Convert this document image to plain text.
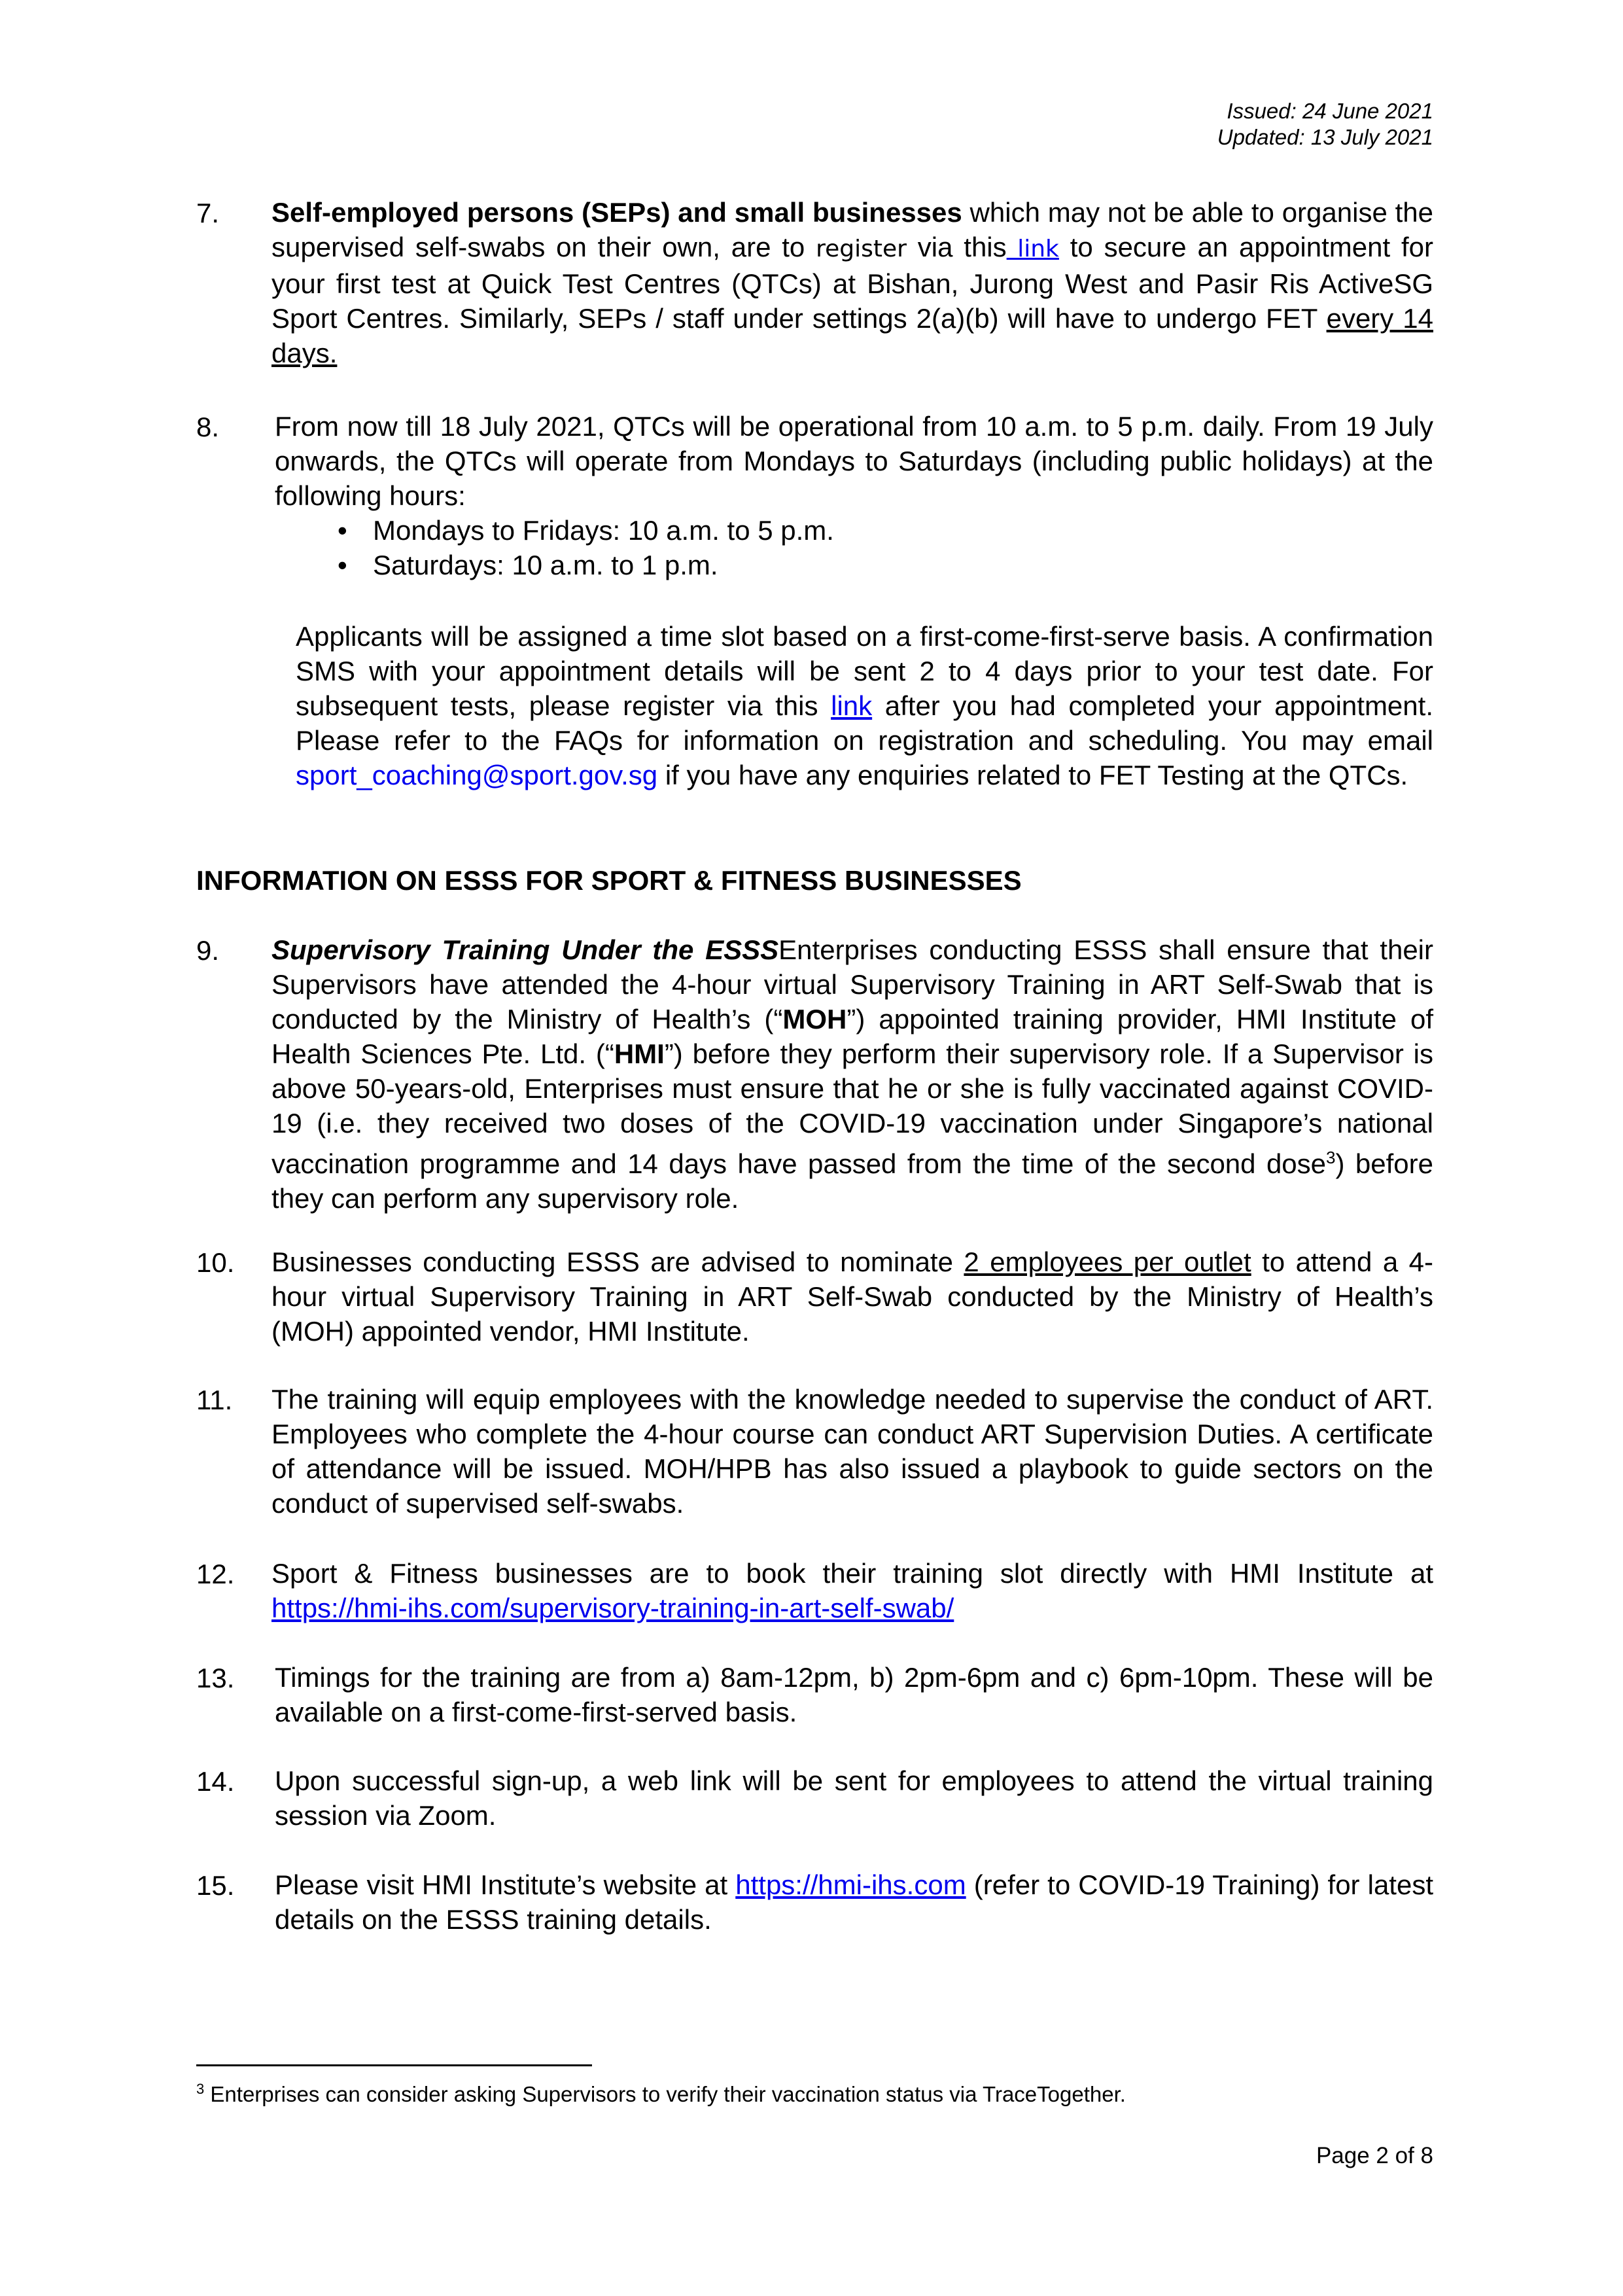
Issued: 24 June 2021
Updated: 13 July 2021
7. Self-employed persons (SEPs) and small businesses which may not be able to organise the supervised self-swabs on their own, are to register via this link to secure an appointment for your first test at Quick Test Centres (QTCs) at Bishan, Jurong West and Pasir Ris ActiveSG Sport Centres. Similarly, SEPs / staff under settings 2(a)(b) will have to undergo FET every 14 days.
8. From now till 18 July 2021, QTCs will be operational from 10 a.m. to 5 p.m. daily. From 19 July onwards, the QTCs will operate from Mondays to Saturdays (including public holidays) at the following hours:
• Mondays to Fridays: 10 a.m. to 5 p.m.
• Saturdays: 10 a.m. to 1 p.m.
Applicants will be assigned a time slot based on a first-come-first-serve basis. A confirmation SMS with your appointment details will be sent 2 to 4 days prior to your test date. For subsequent tests, please register via this link after you had completed your appointment. Please refer to the FAQs for information on registration and scheduling. You may email sport_coaching@sport.gov.sg if you have any enquiries related to FET Testing at the QTCs.
INFORMATION ON ESSS FOR SPORT & FITNESS BUSINESSES
9. Supervisory Training Under the ESSSEnterprises conducting ESSS shall ensure that their Supervisors have attended the 4-hour virtual Supervisory Training in ART Self-Swab that is conducted by the Ministry of Health’s (“MOH”) appointed training provider, HMI Institute of Health Sciences Pte. Ltd. (“HMI”) before they perform their supervisory role. If a Supervisor is above 50-years-old, Enterprises must ensure that he or she is fully vaccinated against COVID-19 (i.e. they received two doses of the COVID-19 vaccination under Singapore’s national vaccination programme and 14 days have passed from the time of the second dose$^3$) before they can perform any supervisory role.
10. Businesses conducting ESSS are advised to nominate 2 employees per outlet to attend a 4-hour virtual Supervisory Training in ART Self-Swab conducted by the Ministry of Health’s (MOH) appointed vendor, HMI Institute.
11. The training will equip employees with the knowledge needed to supervise the conduct of ART. Employees who complete the 4-hour course can conduct ART Supervision Duties. A certificate of attendance will be issued. MOH/HPB has also issued a playbook to guide sectors on the conduct of supervised self-swabs.
12. Sport & Fitness businesses are to book their training slot directly with HMI Institute at https://hmi-ihs.com/supervisory-training-in-art-self-swab/
13. Timings for the training are from a) 8am-12pm, b) 2pm-6pm and c) 6pm-10pm. These will be available on a first-come-first-served basis.
14. Upon successful sign-up, a web link will be sent for employees to attend the virtual training session via Zoom.
15. Please visit HMI Institute’s website at https://hmi-ihs.com (refer to COVID-19 Training) for latest details on the ESSS training details.
$^3$ Enterprises can consider asking Supervisors to verify their vaccination status via TraceTogether.
Page 2 of 8
